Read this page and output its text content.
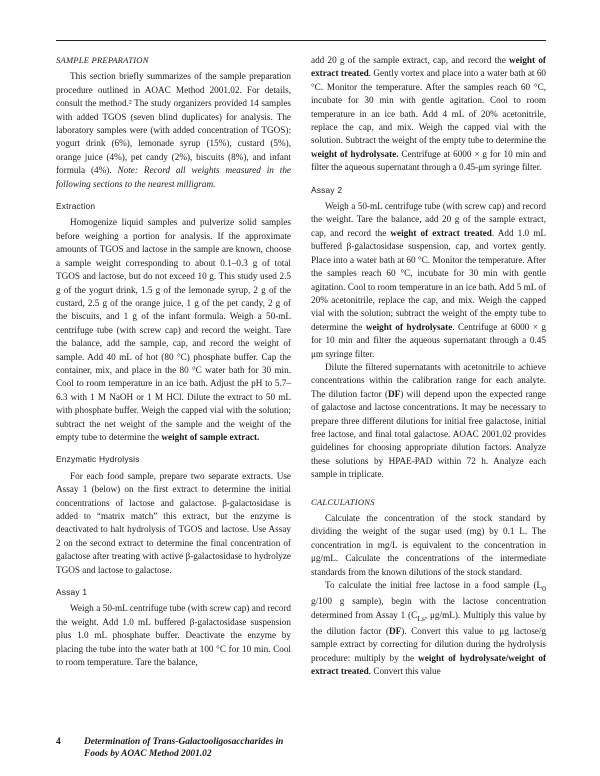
SAMPLE PREPARATION

This section briefly summarizes of the sample preparation procedure outlined in AOAC Method 2001.02. For details, consult the method.² The study organizers provided 14 samples with added TGOS (seven blind duplicates) for analysis. The laboratory samples were (with added concentration of TGOS): yogurt drink (6%), lemonade syrup (15%), custard (5%), orange juice (4%), pet candy (2%), biscuits (8%), and infant formula (4%). Note: Record all weights measured in the following sections to the nearest milligram.

Extraction

Homogenize liquid samples and pulverize solid samples before weighing a portion for analysis. If the approximate amounts of TGOS and lactose in the sample are known, choose a sample weight corresponding to about 0.1–0.3 g of total TGOS and lactose, but do not exceed 10 g. This study used 2.5 g of the yogurt drink, 1.5 g of the lemonade syrup, 2 g of the custard, 2.5 g of the orange juice, 1 g of the pet candy, 2 g of the biscuits, and 1 g of the infant formula. Weigh a 50-mL centrifuge tube (with screw cap) and record the weight. Tare the balance, add the sample, cap, and record the weight of sample. Add 40 mL of hot (80 °C) phosphate buffer. Cap the container, mix, and place in the 80 °C water bath for 30 min. Cool to room temperature in an ice bath. Adjust the pH to 5.7–6.3 with 1 M NaOH or 1 M HCl. Dilute the extract to 50 mL with phosphate buffer. Weigh the capped vial with the solution; subtract the net weight of the sample and the weight of the empty tube to determine the weight of sample extract.

Enzymatic Hydrolysis

For each food sample, prepare two separate extracts. Use Assay 1 (below) on the first extract to determine the initial concentrations of lactose and galactose. β-galactosidase is added to “matrix match” this extract, but the enzyme is deactivated to halt hydrolysis of TGOS and lactose. Use Assay 2 on the second extract to determine the final concentration of galactose after treating with active β-galactosidase to hydrolyze TGOS and lactose to galactose.

Assay 1

Weigh a 50-mL centrifuge tube (with screw cap) and record the weight. Add 1.0 mL buffered β-galactosidase suspension plus 1.0 mL phosphate buffer. Deactivate the enzyme by placing the tube into the water bath at 100 °C for 10 min. Cool to room temperature. Tare the balance,

add 20 g of the sample extract, cap, and record the weight of extract treated. Gently vortex and place into a water bath at 60 °C. Monitor the temperature. After the samples reach 60 °C, incubate for 30 min with gentle agitation. Cool to room temperature in an ice bath. Add 4 mL of 20% acetonitrile, replace the cap, and mix. Weigh the capped vial with the solution. Subtract the weight of the empty tube to determine the weight of hydrolysate. Centrifuge at 6000 × g for 10 min and filter the aqueous supernatant through a 0.45-μm syringe filter.

Assay 2

Weigh a 50-mL centrifuge tube (with screw cap) and record the weight. Tare the balance, add 20 g of the sample extract, cap, and record the weight of extract treated. Add 1.0 mL buffered β-galactosidase suspension, cap, and vortex gently. Place into a water bath at 60 °C. Monitor the temperature. After the samples reach 60 °C, incubate for 30 min with gentle agitation. Cool to room temperature in an ice bath. Add 5 mL of 20% acetonitrile, replace the cap, and mix. Weigh the capped vial with the solution; subtract the weight of the empty tube to determine the weight of hydrolysate. Centrifuge at 6000 × g for 10 min and filter the aqueous supernatant through a 0.45 μm syringe filter.

Dilute the filtered supernatants with acetonitrile to achieve concentrations within the calibration range for each analyte. The dilution factor (DF) will depend upon the expected range of galactose and lactose concentrations. It may be necessary to prepare three different dilutions for initial free galactose, initial free lactose, and final total galactose. AOAC 2001.02 provides guidelines for choosing appropriate dilution factors. Analyze these solutions by HPAE-PAD within 72 h. Analyze each sample in triplicate.

CALCULATIONS

Calculate the concentration of the stock standard by dividing the weight of the sugar used (mg) by 0.1 L. The concentration in mg/L is equivalent to the concentration in μg/mL. Calculate the concentrations of the intermediate standards from the known dilutions of the stock standard.

To calculate the initial free lactose in a food sample ($L_0$ g/100 g sample), begin with the lactose concentration determined from Assay 1 ($C_{Ls}$, μg/mL). Multiply this value by the dilution factor (DF). Convert this value to μg lactose/g sample extract by correcting for dilution during the hydrolysis procedure: multiply by the weight of hydrolysate/weight of extract treated. Convert this value

4 Determination of Trans-Galactooligosaccharides in
Foods by AOAC Method 2001.02
